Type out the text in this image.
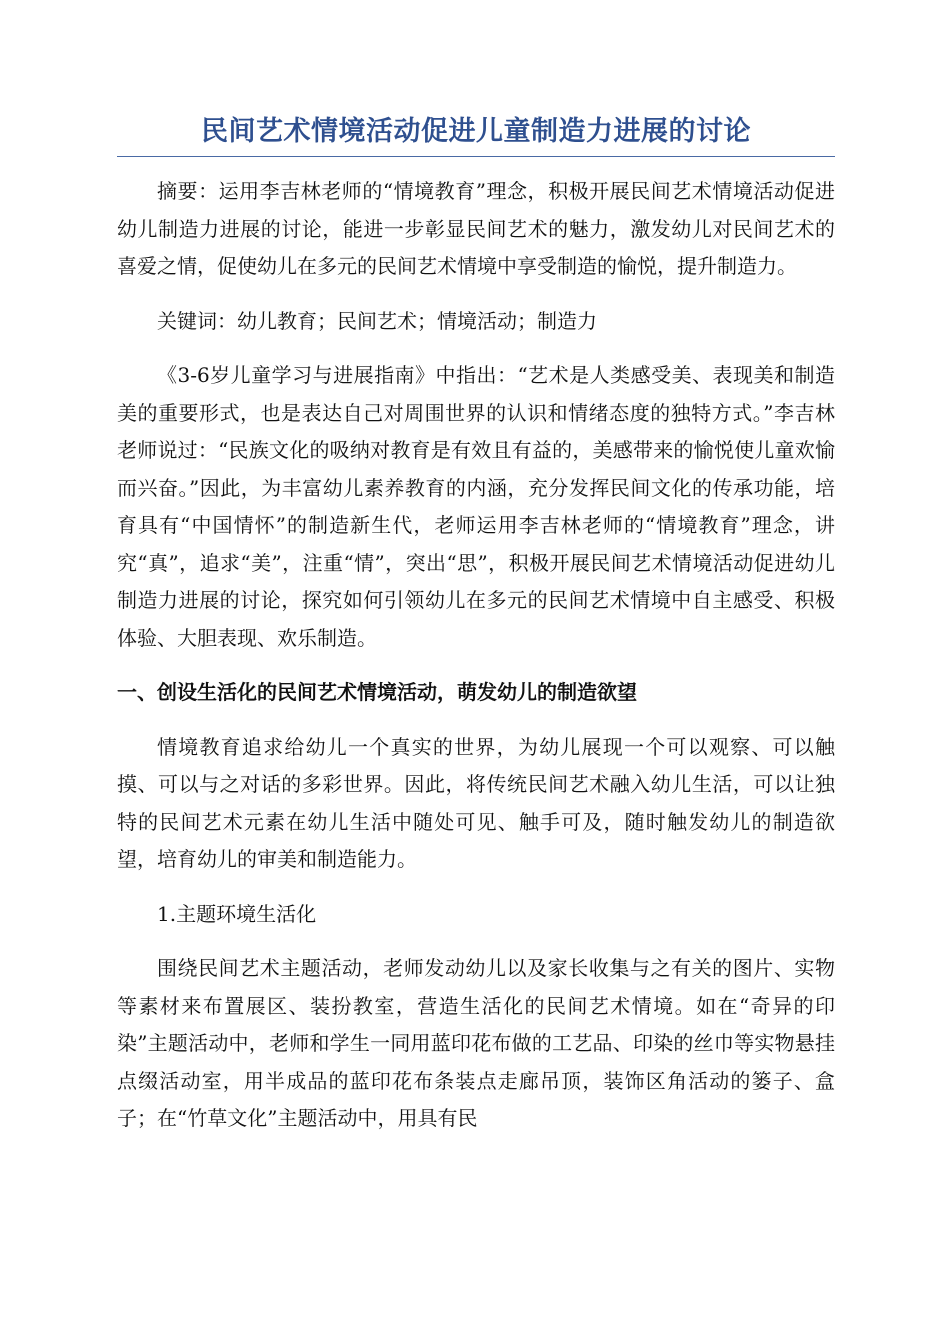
民间艺术情境活动促进儿童制造力进展的讨论

摘要：运用李吉林老师的“情境教育”理念，积极开展民间艺术情境活动促进幼儿制造力进展的讨论，能进一步彰显民间艺术的魅力，激发幼儿对民间艺术的喜爱之情，促使幼儿在多元的民间艺术情境中享受制造的愉悦，提升制造力。

关键词：幼儿教育；民间艺术；情境活动；制造力

《3-6岁儿童学习与进展指南》中指出：“艺术是人类感受美、表现美和制造美的重要形式，也是表达自己对周围世界的认识和情绪态度的独特方式。”李吉林老师说过：“民族文化的吸纳对教育是有效且有益的，美感带来的愉悦使儿童欢愉而兴奋。”因此，为丰富幼儿素养教育的内涵，充分发挥民间文化的传承功能，培育具有“中国情怀”的制造新生代，老师运用李吉林老师的“情境教育”理念，讲究“真”，追求“美”，注重“情”，突出“思”，积极开展民间艺术情境活动促进幼儿制造力进展的讨论，探究如何引领幼儿在多元的民间艺术情境中自主感受、积极体验、大胆表现、欢乐制造。

一、创设生活化的民间艺术情境活动，萌发幼儿的制造欲望

情境教育追求给幼儿一个真实的世界，为幼儿展现一个可以观察、可以触摸、可以与之对话的多彩世界。因此，将传统民间艺术融入幼儿生活，可以让独特的民间艺术元素在幼儿生活中随处可见、触手可及，随时触发幼儿的制造欲望，培育幼儿的审美和制造能力。

1.主题环境生活化

围绕民间艺术主题活动，老师发动幼儿以及家长收集与之有关的图片、实物等素材来布置展区、装扮教室，营造生活化的民间艺术情境。如在“奇异的印染”主题活动中，老师和学生一同用蓝印花布做的工艺品、印染的丝巾等实物悬挂点缀活动室，用半成品的蓝印花布条装点走廊吊顶，装饰区角活动的篓子、盒子；在“竹草文化”主题活动中，用具有民
